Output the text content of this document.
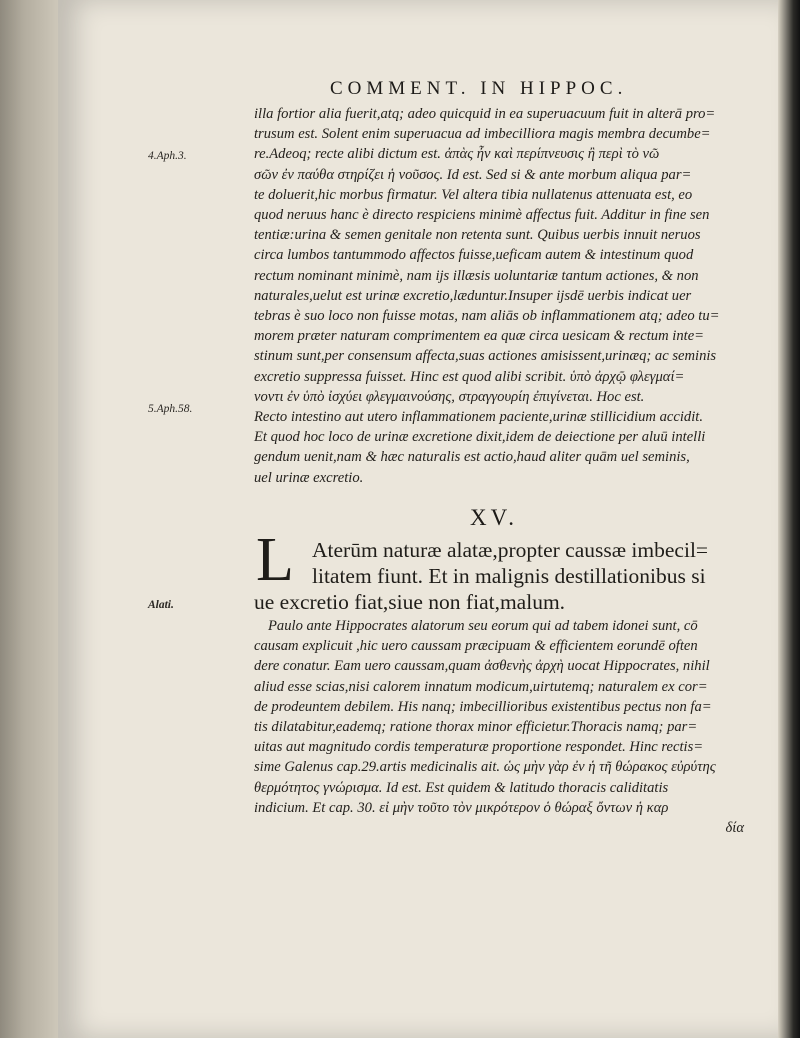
COMMENT. IN HIPPOC.
4.Aph.3.
5.Aph.58.
Alati.

illa fortior alia fuerit,atq; adeo quicquid in ea superuacuum fuit in alterā pro=

trusum est. Solent enim superuacua ad imbecilliora magis membra decumbe=

re.Adeoq; recte alibi dictum est. ἀπὰς ἦν καὶ περίπνευσις ἢ περὶ τὸ νῶ

σῶν ἐν παύθα στηρίζει ἡ νοῦσος. Id est. Sed si & ante morbum aliqua par=

te doluerit,hic morbus firmatur. Vel altera tibia nullatenus attenuata est, eo

quod neruus hanc è directo respiciens minimè affectus fuit. Additur in fine sen

tentiæ:urina & semen genitale non retenta sunt. Quibus uerbis innuit neruos

circa lumbos tantummodo affectos fuisse,ueficam autem & intestinum quod

rectum nominant minimè, nam ijs illæsis uoluntariæ tantum actiones, & non

naturales,uelut est urinæ excretio,læduntur.Insuper ijsdē uerbis indicat uer

tebras è suo loco non fuisse motas, nam aliās ob inflammationem atq; adeo tu=

morem præter naturam comprimentem ea quæ circa uesicam & rectum inte=

stinum sunt,per consensum affecta,suas actiones amisissent,urinæq; ac seminis

excretio suppressa fuisset. Hinc est quod alibi scribit. ὑπὸ ἀρχῷ φλεγμαί=

νοντι ἐν ὑπὸ ἰσχύει φλεγμαινούσης, στραγγουρίη ἐπιγίνεται. Hoc est.

Recto intestino aut utero inflammationem paciente,urinæ stillicidium accidit.

Et quod hoc loco de urinæ excretione dixit,idem de deiectione per aluū intelli

gendum uenit,nam & hæc naturalis est actio,haud aliter quām uel seminis,

uel urinæ excretio.

XV.
L Aterūm naturæ alatæ,propter caussæ imbecil=
litatem fiunt. Et in malignis destillationibus si

ue excretio fiat,siue non fiat,malum.

Paulo ante Hippocrates alatorum seu eorum qui ad tabem idonei sunt, cō

causam explicuit ,hic uero caussam præcipuam & efficientem eorundē often

dere conatur. Eam uero caussam,quam ἀσθενὴς ἀρχὴ uocat Hippocrates, nihil

aliud esse scias,nisi calorem innatum modicum,uirtutemq; naturalem ex cor=

de prodeuntem debilem. His nanq; imbecillioribus existentibus pectus non fa=

tis dilatabitur,eademq; ratione thorax minor efficietur.Thoracis namq; par=

uitas aut magnitudo cordis temperaturæ proportione respondet. Hinc rectis=

sime Galenus cap.29.artis medicinalis ait. ὡς μὴν γὰρ ἐν ἡ τῆ θώρακος εὐρύτης

θερμότητος γνώρισμα. Id est. Est quidem & latitudo thoracis caliditatis

indicium. Et cap. 30. εἰ μὴν τοῦτο τὸν μικρότερον ὁ θώραξ ὄντων ἡ καρ

δία
